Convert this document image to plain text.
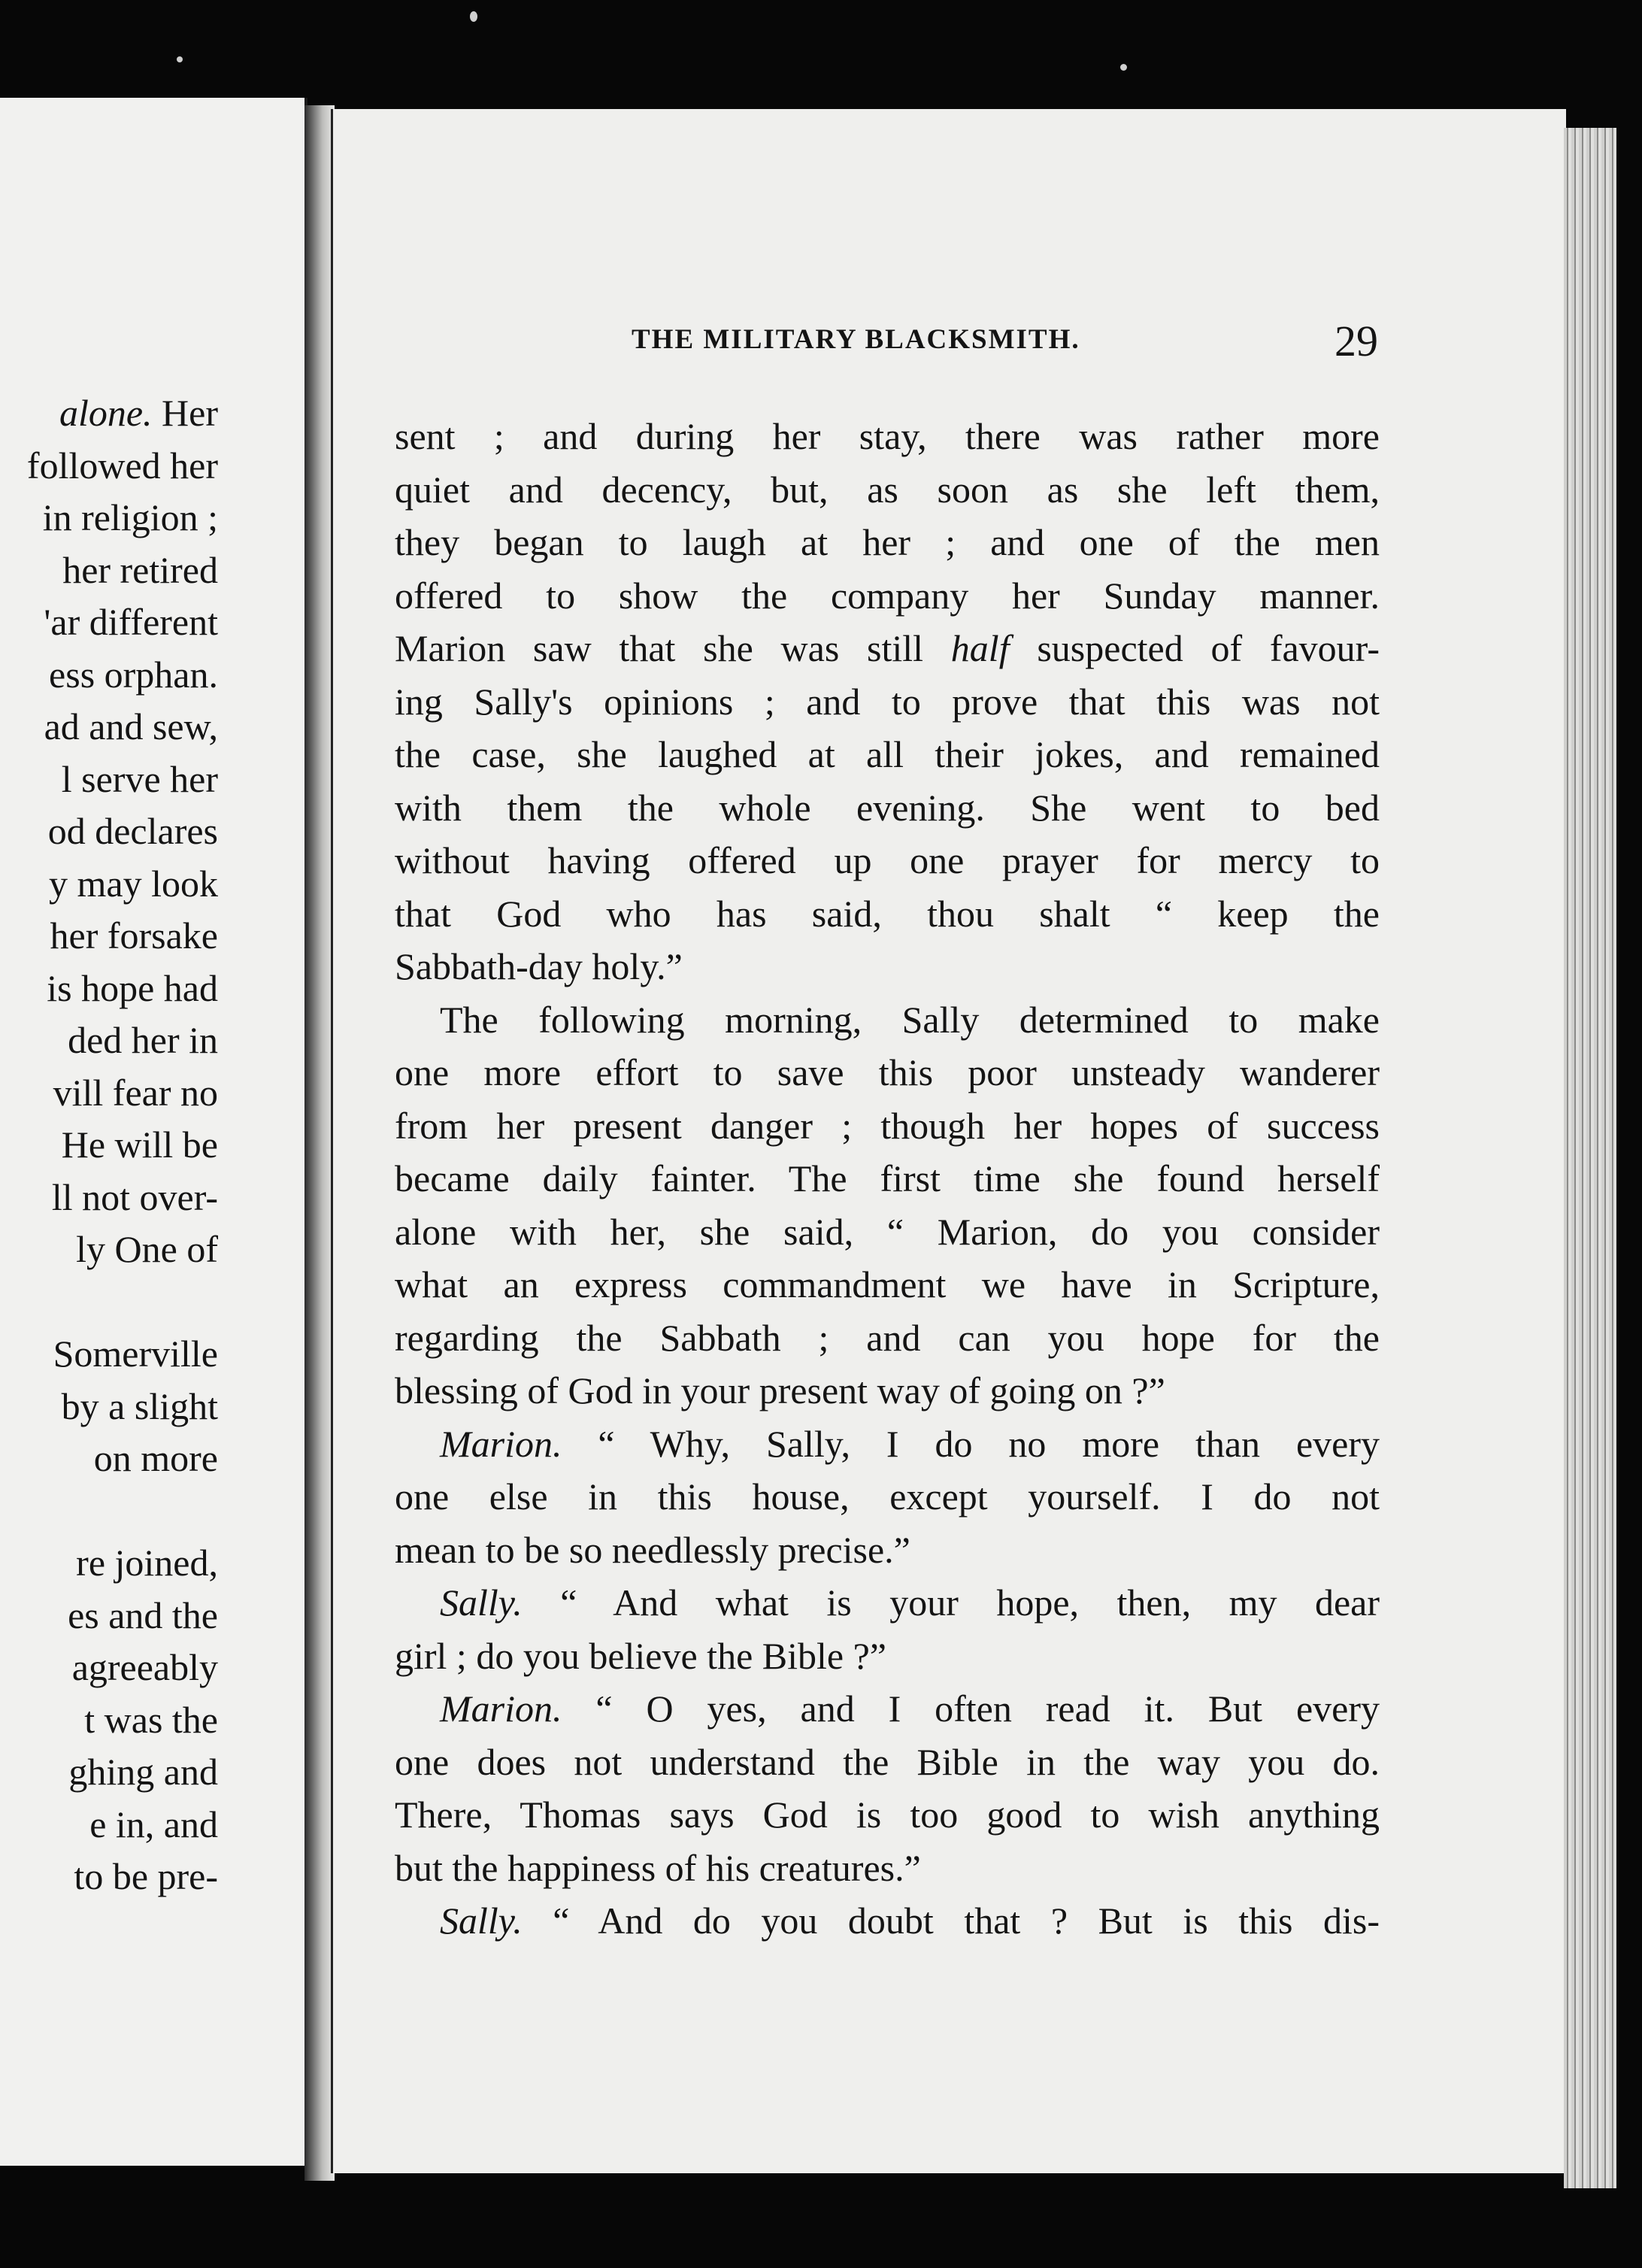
alone. Her
followed her
in religion ;
her retired
'ar different
ess orphan.
ad and sew,
l serve her
od declares
y may look
her forsake
is hope had
ded her in
vill fear no
He will be
ll not over-
ly One of
Somerville
by a slight
on more
re joined,
es and the
agreeably
t was the
ghing and
e in, and
to be pre-
THE MILITARY BLACKSMITH.	29
sent ; and during her stay, there was rather more
quiet and decency, but, as soon as she left them,
they began to laugh at her ; and one of the men
offered to show the company her Sunday manner.
Marion saw that she was still half suspected of favour-
ing Sally's opinions ; and to prove that this was not
the case, she laughed at all their jokes, and remained
with them the whole evening. She went to bed
without having offered up one prayer for mercy to
that God who has said, thou shalt “ keep the
Sabbath-day holy.”
The following morning, Sally determined to make
one more effort to save this poor unsteady wanderer
from her present danger ; though her hopes of success
became daily fainter. The first time she found herself
alone with her, she said, “ Marion, do you consider
what an express commandment we have in Scripture,
regarding the Sabbath ; and can you hope for the
blessing of God in your present way of going on ?”
Marion. “ Why, Sally, I do no more than every
one else in this house, except yourself. I do not
mean to be so needlessly precise.”
Sally. “ And what is your hope, then, my dear
girl ; do you believe the Bible ?”
Marion. “ O yes, and I often read it. But every
one does not understand the Bible in the way you do.
There, Thomas says God is too good to wish anything
but the happiness of his creatures.”
Sally. “ And do you doubt that ? But is this dis-
